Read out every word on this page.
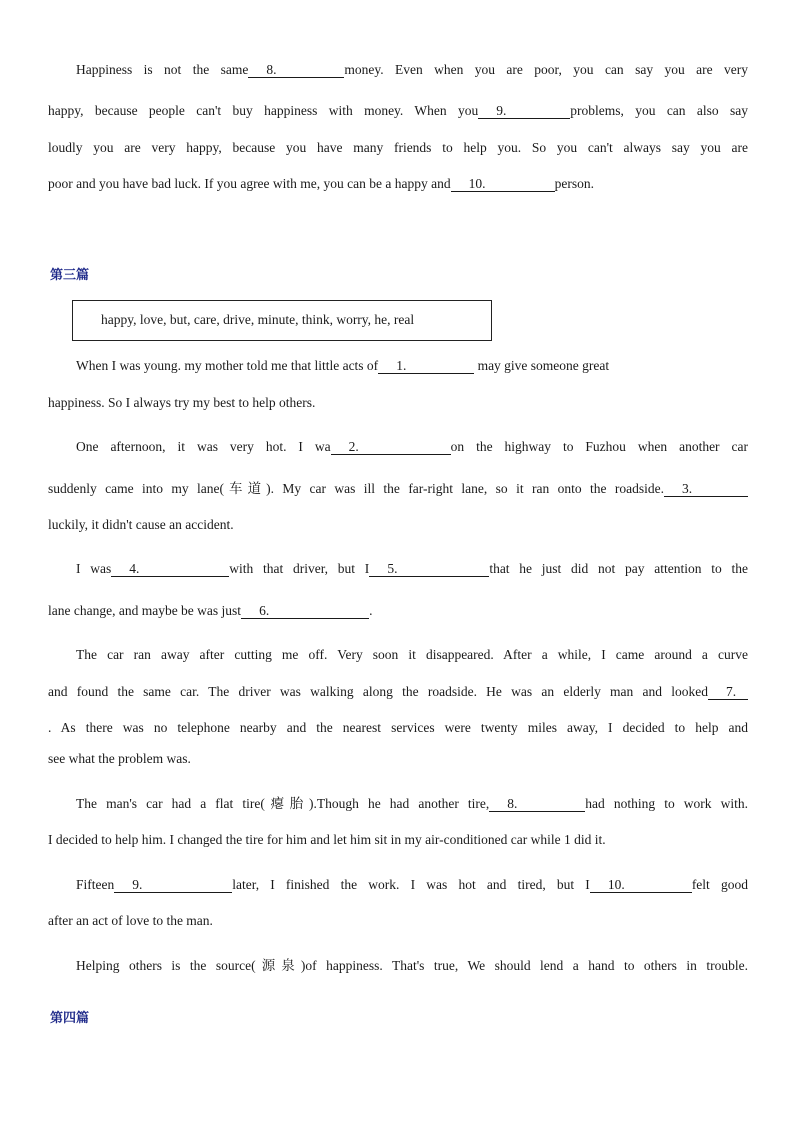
Happiness is not the same 8.	money. Even when you are poor, you can say you are very
happy, because people can't buy happiness with money. When you 9.	problems, you can also say
loudly you are very happy, because you have many friends to help you. So you can't always say you are
poor and you have bad luck. If you agree with me, you can be a happy and 10.	person.
第三篇
happy, love, but, care, drive, minute, think, worry, he, real
When I was young. my mother told me that little acts of 1.	may give someone great
happiness. So I always try my best to help others.
One afternoon, it was very hot. I wa 2.	on the highway to Fuzhou when another car
suddenly came into my lane(车道). My car was ill the far-right lane, so it ran onto the roadside. 3.
luckily, it didn't cause an accident.
I was 4.	with that driver, but I 5.	that he just did not pay attention to the
lane change, and maybe be was just 6.	.
The car ran away after cutting me off. Very soon it disappeared. After a while, I came around a curve
and found the same car. The driver was walking along the roadside. He was an elderly man and looked 7.
. As there was no telephone nearby and the nearest services were twenty miles away, I decided to help and
see what the problem was.
The man's car had a flat tire(瘪胎).Though he had another tire, 8.	had nothing to work with.
I decided to help him. I changed the tire for him and let him sit in my air-conditioned car while 1 did it.
Fifteen 9.	later, I finished the work. I was hot and tired, but I 10.	felt good
after an act of love to the man.
Helping others is the source(源泉)of happiness. That's true, We should lend a hand to others in trouble.
第四篇
